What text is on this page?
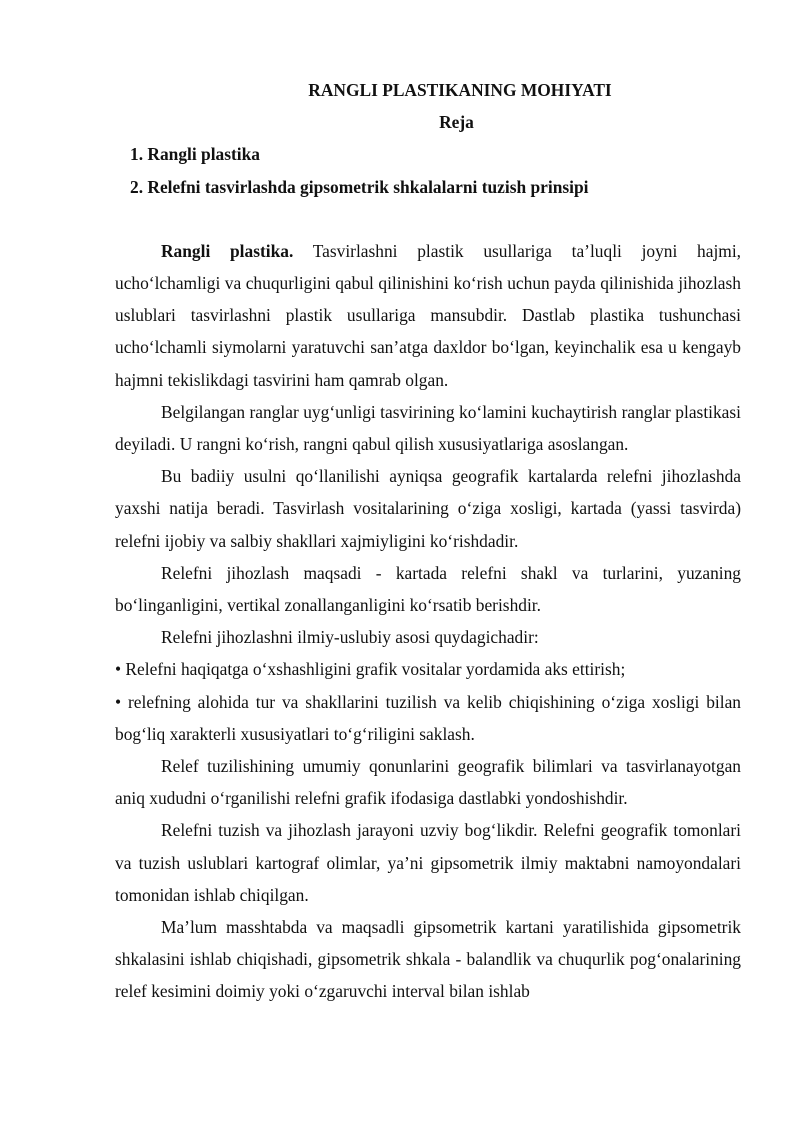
RANGLI PLASTIKANING MOHIYATI

Reja

1. Rangli plastika
2. Relefni tasvirlashda gipsometrik shkalalarni tuzish prinsipi

Rangli plastika. Tasvirlashni plastik usullariga ta’luqli joyni hajmi, ucho‘lchamligi va chuqurligini qabul qilinishini ko‘rish uchun payda qilinishida jihozlash uslublari tasvirlashni plastik usullariga mansubdir. Dastlab plastika tushunchasi ucho‘lchamli siymolarni yaratuvchi san’atga daxldor bo‘lgan, keyinchalik esa u kengayb hajmni tekislikdagi tasvirini ham qamrab olgan.

Belgilangan ranglar uyg‘unligi tasvirining ko‘lamini kuchaytirish ranglar plastikasi deyiladi. U rangni ko‘rish, rangni qabul qilish xususiyatlariga asoslangan.

Bu badiiy usulni qo‘llanilishi ayniqsa geografik kartalarda relefni jihozlashda yaxshi natija beradi. Tasvirlash vositalarining o‘ziga xosligi, kartada (yassi tasvirda) relefni ijobiy va salbiy shakllari xajmiyligini ko‘rishdadir.

Relefni jihozlash maqsadi - kartada relefni shakl va turlarini, yuzaning bo‘linganligini, vertikal zonallanganligini ko‘rsatib berishdir.

Relefni jihozlashni ilmiy-uslubiy asosi quydagichadir:

• Relefni haqiqatga o‘xshashligini grafik vositalar yordamida aks ettirish;

• relefning alohida tur va shakllarini tuzilish va kelib chiqishining o‘ziga xosligi bilan bog‘liq xarakterli xususiyatlari to‘g‘riligini saklash.

Relef tuzilishining umumiy qonunlarini geografik bilimlari va tasvirlanayotgan aniq xududni o‘rganilishi relefni grafik ifodasiga dastlabki yondoshishdir.

Relefni tuzish va jihozlash jarayoni uzviy bog‘likdir. Relefni geografik tomonlari va tuzish uslublari kartograf olimlar, ya’ni gipsometrik ilmiy maktabni namoyondalari tomonidan ishlab chiqilgan.

Ma’lum masshtabda va maqsadli gipsometrik kartani yaratilishida gipsometrik shkalasini ishlab chiqishadi, gipsometrik shkala - balandlik va chuqurlik pog‘onalarining relef kesimini doimiy yoki o‘zgaruvchi interval bilan ishlab
